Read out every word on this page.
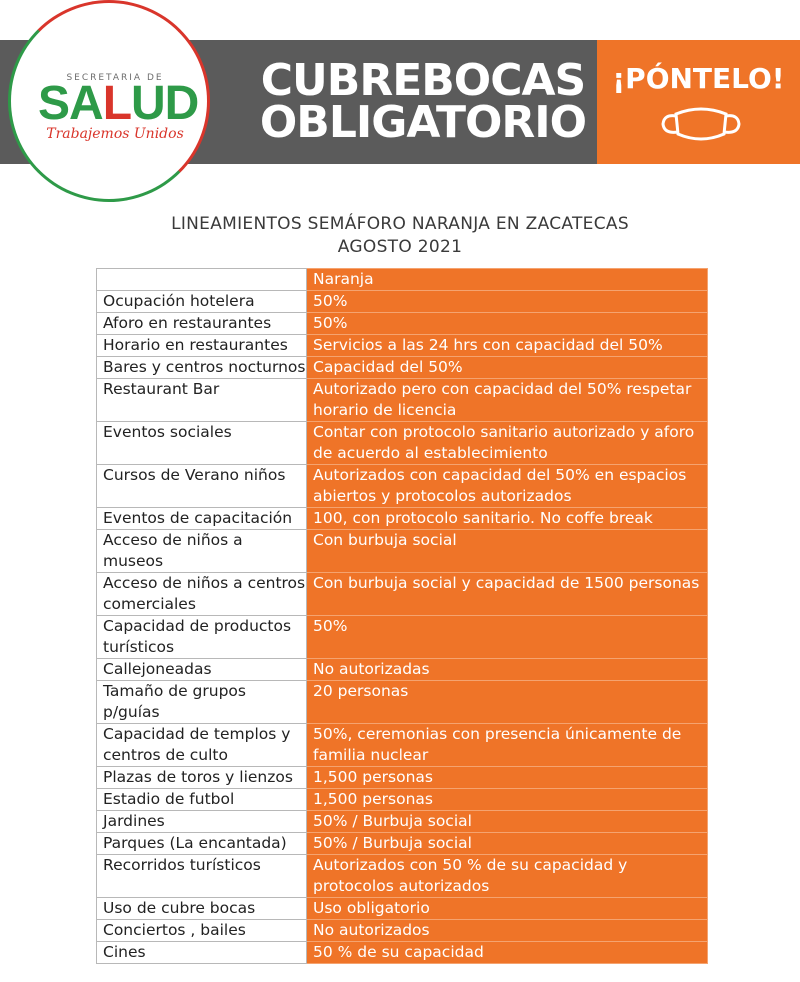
SECRETARIA DE
SALUD
Trabajemos Unidos
CUBREBOCAS
OBLIGATORIO
¡PÓNTELO!
LINEAMIENTOS SEMÁFORO NARANJA EN ZACATECAS
AGOSTO 2021
	Naranja
Ocupación hotelera	50%
Aforo en restaurantes	50%
Horario en restaurantes	Servicios a las 24 hrs con capacidad del 50%
Bares y centros nocturnos	Capacidad del 50%
Restaurant Bar	Autorizado pero con capacidad del 50% respetar horario de licencia
Eventos sociales	Contar con protocolo sanitario autorizado y aforo de acuerdo al establecimiento
Cursos de Verano niños	Autorizados con capacidad del 50% en espacios abiertos y protocolos autorizados
Eventos de capacitación	100, con protocolo sanitario. No coffe break
Acceso de niños a museos	Con burbuja social
Acceso de niños a centros comerciales	Con burbuja social y capacidad de 1500 personas
Capacidad de productos turísticos	50%
Callejoneadas	No autorizadas
Tamaño de grupos p/guías	20 personas
Capacidad de templos y centros de culto	50%, ceremonias con presencia únicamente de familia nuclear
Plazas de toros y lienzos	1,500 personas
Estadio de futbol	1,500 personas
Jardines	50% / Burbuja social
Parques (La encantada)	50% / Burbuja social
Recorridos turísticos	Autorizados con 50 % de su capacidad y protocolos autorizados
Uso de cubre bocas	Uso obligatorio
Conciertos , bailes	No autorizados
Cines	50 % de su capacidad
